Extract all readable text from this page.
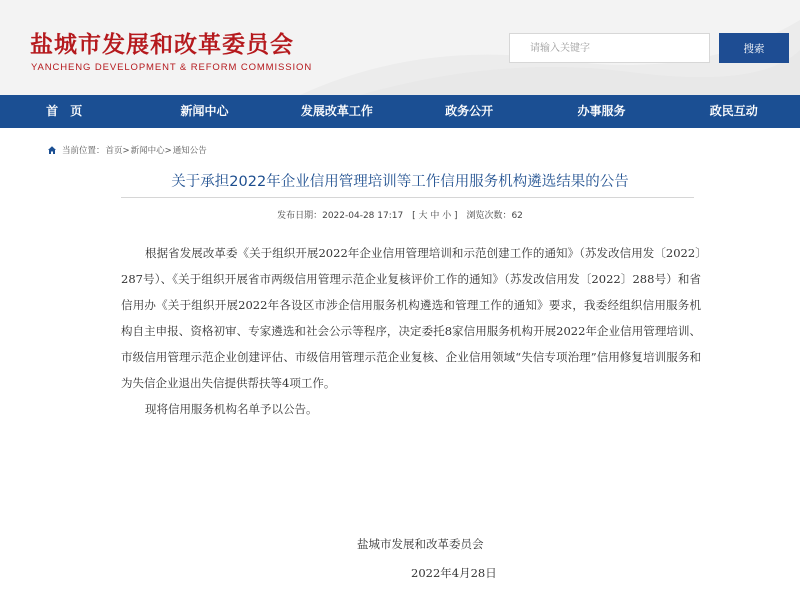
盐城市发展和改革委员会
YANCHENG DEVELOPMENT & REFORM COMMISSION
请输入关键字
搜索
首 页	新闻中心	发展改革工作	政务公开	办事服务	政民互动
当前位置： 首页> 新闻中心> 通知公告
关于承担2022年企业信用管理培训等工作信用服务机构遴选结果的公告
发布日期：2022-04-28 17:17 [ 大 中 小 ] 浏览次数：62

根据省发展改革委《关于组织开展2022年企业信用管理培训和示范创建工作的通知》（苏发改信用发〔2022〕287号）、《关于组织开展省市两级信用管理示范企业复核评价工作的通知》（苏发改信用发〔2022〕288号）和省信用办《关于组织开展2022年各设区市涉企信用服务机构遴选和管理工作的通知》要求，我委经组织信用服务机构自主申报、资格初审、专家遴选和社会公示等程序，决定委托8家信用服务机构开展2022年企业信用管理培训、市级信用管理示范企业创建评估、市级信用管理示范企业复核、企业信用领域“失信专项治理”信用修复培训服务和为失信企业退出失信提供帮扶等4项工作。

现将信用服务机构名单予以公告。

盐城市发展和改革委员会
2022年4月28日
